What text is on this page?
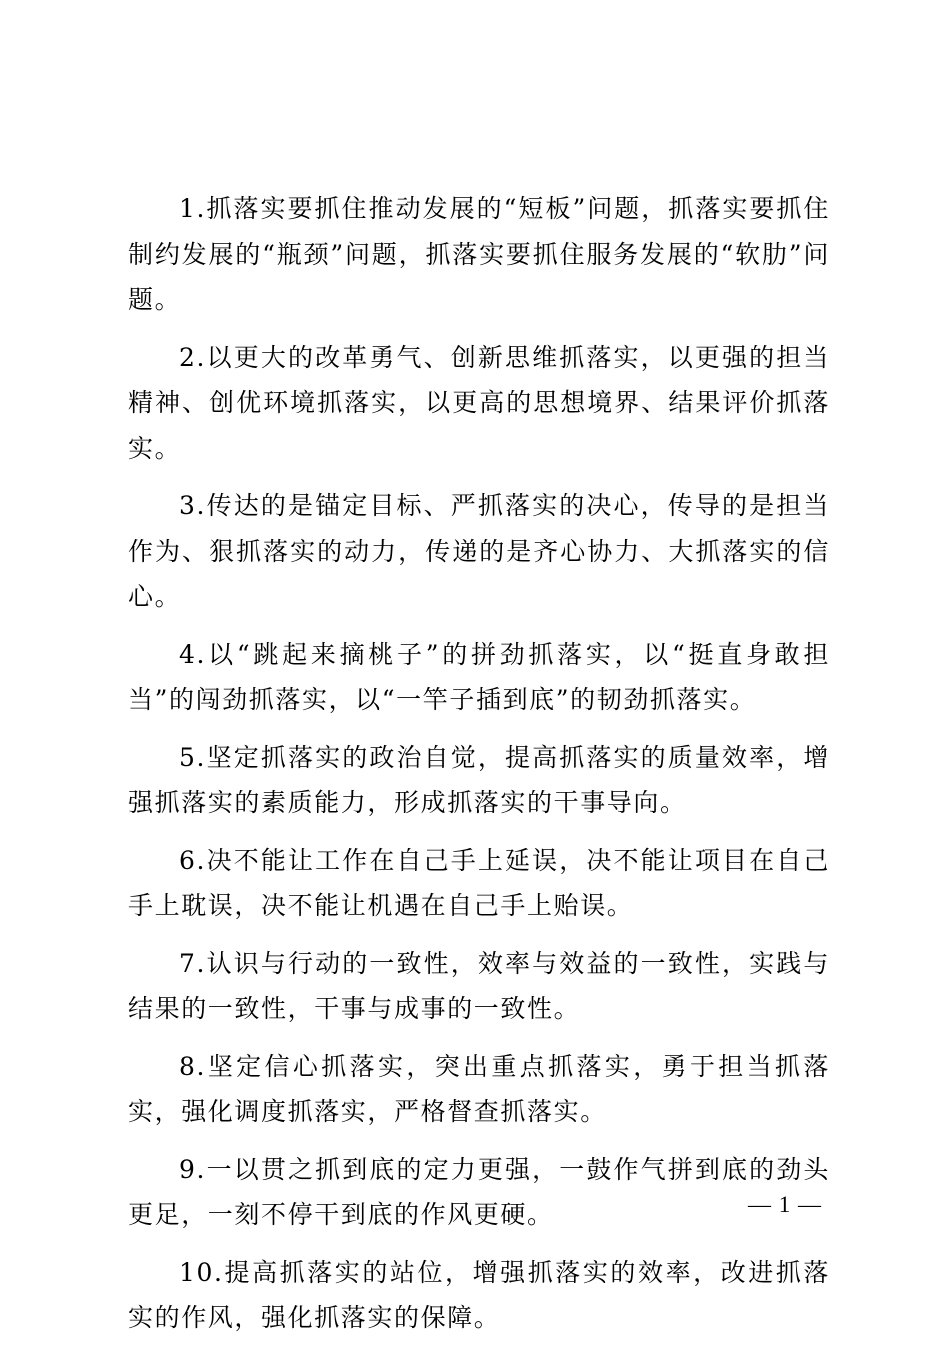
1.抓落实要抓住推动发展的“短板”问题，抓落实要抓住制约发展的“瓶颈”问题，抓落实要抓住服务发展的“软肋”问题。

2.以更大的改革勇气、创新思维抓落实，以更强的担当精神、创优环境抓落实，以更高的思想境界、结果评价抓落实。

3.传达的是锚定目标、严抓落实的决心，传导的是担当作为、狠抓落实的动力，传递的是齐心协力、大抓落实的信心。

4.以“跳起来摘桃子”的拼劲抓落实，以“挺直身敢担当”的闯劲抓落实，以“一竿子插到底”的韧劲抓落实。

5.坚定抓落实的政治自觉，提高抓落实的质量效率，增强抓落实的素质能力，形成抓落实的干事导向。

6.决不能让工作在自己手上延误，决不能让项目在自己手上耽误，决不能让机遇在自己手上贻误。

7.认识与行动的一致性，效率与效益的一致性，实践与结果的一致性，干事与成事的一致性。

8.坚定信心抓落实，突出重点抓落实，勇于担当抓落实，强化调度抓落实，严格督查抓落实。

9.一以贯之抓到底的定力更强，一鼓作气拼到底的劲头更足，一刻不停干到底的作风更硬。

10.提高抓落实的站位，增强抓落实的效率，改进抓落实的作风，强化抓落实的保障。

— 1 —
